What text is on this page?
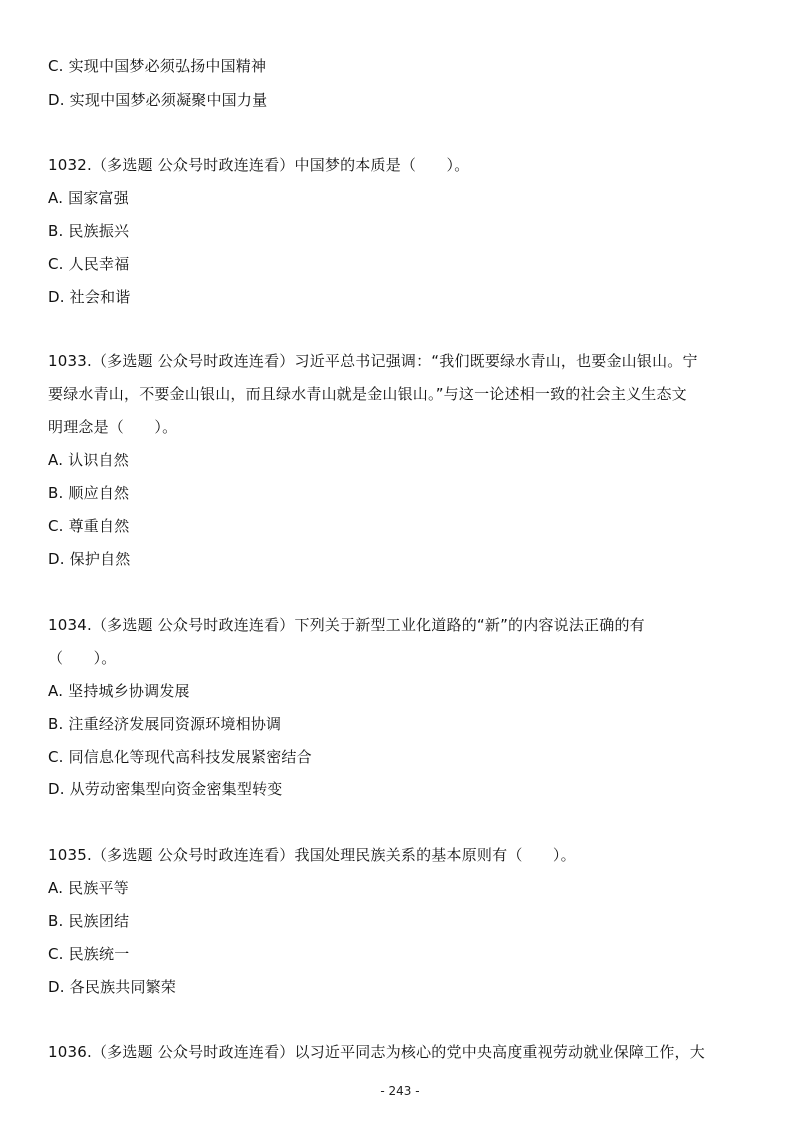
C. 实现中国梦必须弘扬中国精神
D. 实现中国梦必须凝聚中国力量
1032.（多选题 公众号时政连连看）中国梦的本质是（　　）。
A. 国家富强
B. 民族振兴
C. 人民幸福
D. 社会和谐
1033.（多选题 公众号时政连连看）习近平总书记强调：“我们既要绿水青山，也要金山银山。宁
要绿水青山，不要金山银山，而且绿水青山就是金山银山。”与这一论述相一致的社会主义生态文
明理念是（　　）。
A. 认识自然
B. 顺应自然
C. 尊重自然
D. 保护自然
1034.（多选题 公众号时政连连看）下列关于新型工业化道路的“新”的内容说法正确的有
（　　）。
A. 坚持城乡协调发展
B. 注重经济发展同资源环境相协调
C. 同信息化等现代高科技发展紧密结合
D. 从劳动密集型向资金密集型转变
1035.（多选题 公众号时政连连看）我国处理民族关系的基本原则有（　　）。
A. 民族平等
B. 民族团结
C. 民族统一
D. 各民族共同繁荣
1036.（多选题 公众号时政连连看）以习近平同志为核心的党中央高度重视劳动就业保障工作，大
- 243 -
